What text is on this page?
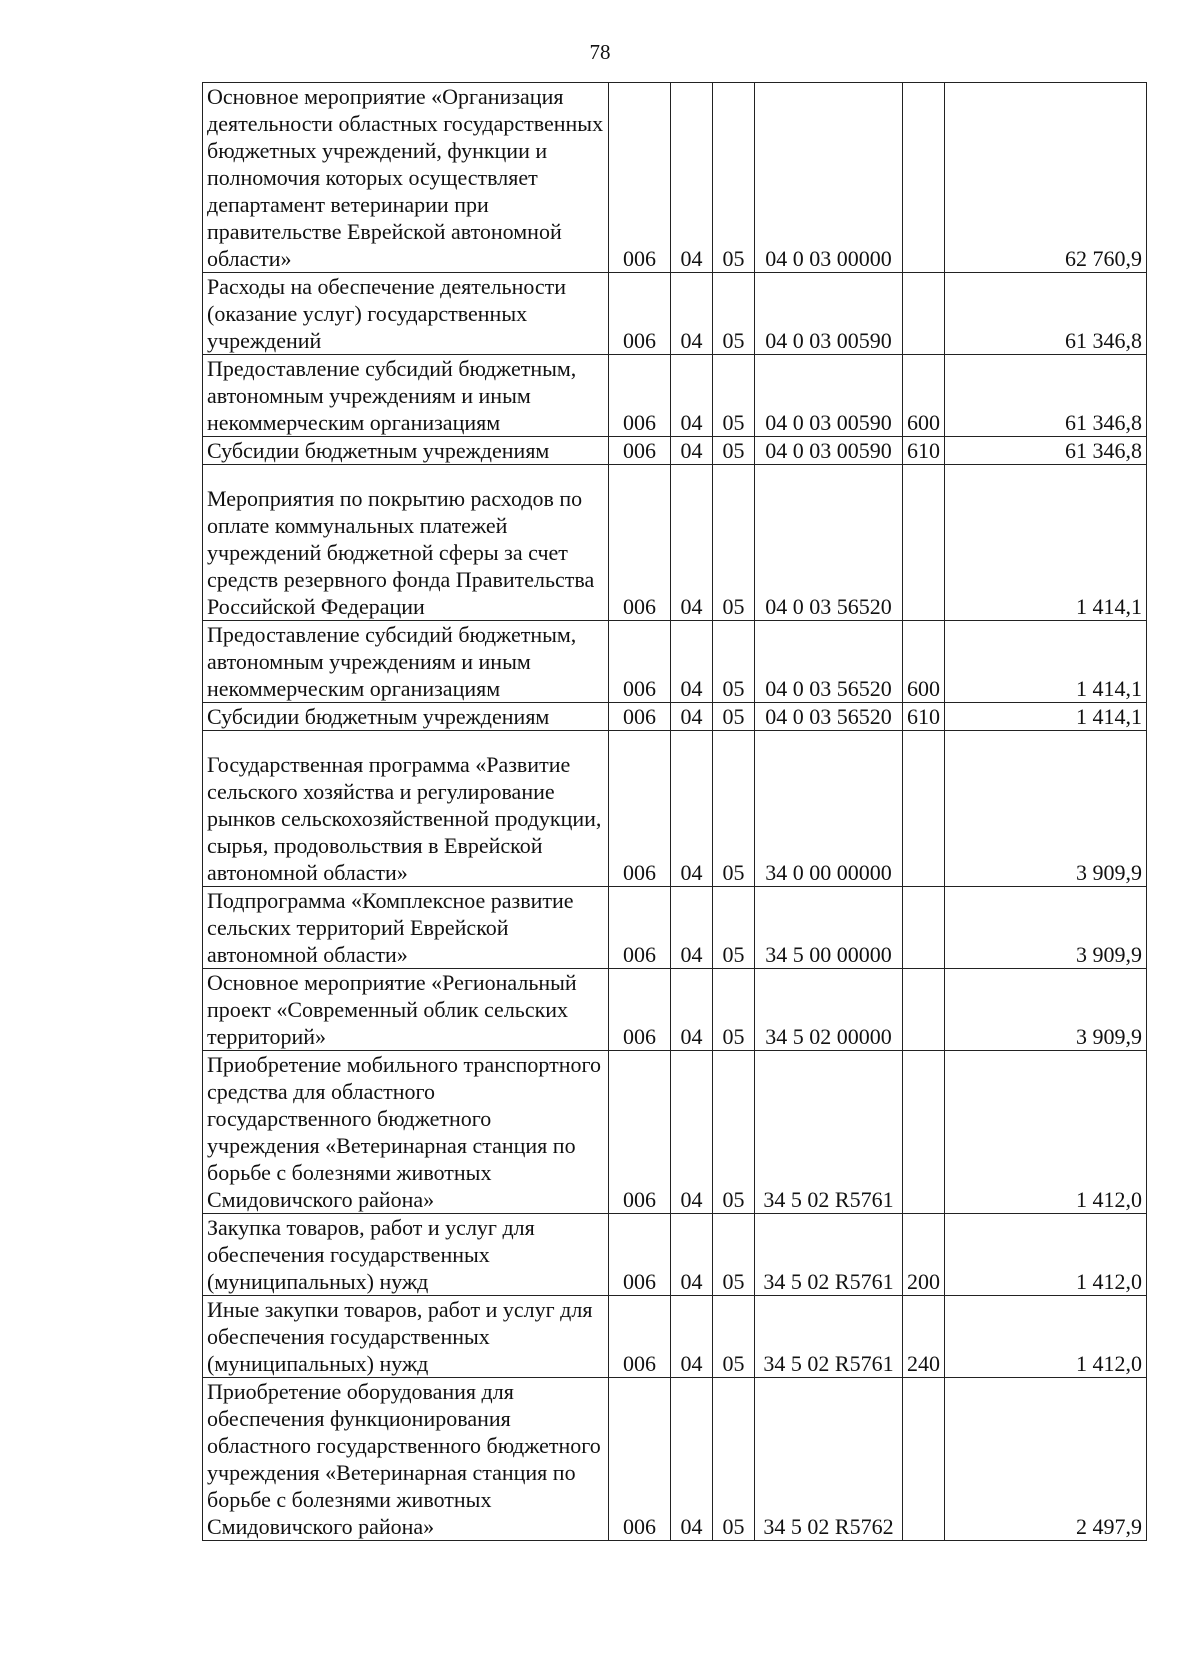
78
Основное мероприятие «Организация деятельности областных государственных бюджетных учреждений, функции и полномочия которых осуществляет департамент ветеринарии при правительстве Еврейской автономной области»	006	04	05	04 0 03 00000		62 760,9
Расходы на обеспечение деятельности (оказание услуг) государственных учреждений	006	04	05	04 0 03 00590		61 346,8
Предоставление субсидий бюджетным, автономным учреждениям и иным некоммерческим организациям	006	04	05	04 0 03 00590	600	61 346,8
Субсидии бюджетным учреждениям	006	04	05	04 0 03 00590	610	61 346,8
Мероприятия по покрытию расходов по оплате коммунальных платежей учреждений бюджетной сферы за счет средств резервного фонда Правительства Российской Федерации	006	04	05	04 0 03 56520		1 414,1
Предоставление субсидий бюджетным, автономным учреждениям и иным некоммерческим организациям	006	04	05	04 0 03 56520	600	1 414,1
Субсидии бюджетным учреждениям	006	04	05	04 0 03 56520	610	1 414,1
Государственная программа «Развитие сельского хозяйства и регулирование рынков сельскохозяйственной продукции, сырья, продовольствия в Еврейской автономной области»	006	04	05	34 0 00 00000		3 909,9
Подпрограмма «Комплексное развитие сельских территорий Еврейской автономной области»	006	04	05	34 5 00 00000		3 909,9
Основное мероприятие «Региональный проект «Современный облик сельских территорий»	006	04	05	34 5 02 00000		3 909,9
Приобретение мобильного транспортного средства для областного государственного бюджетного учреждения «Ветеринарная станция по борьбе с болезнями животных Смидовичского района»	006	04	05	34 5 02 R5761		1 412,0
Закупка товаров, работ и услуг для обеспечения государственных (муниципальных) нужд	006	04	05	34 5 02 R5761	200	1 412,0
Иные закупки товаров, работ и услуг для обеспечения государственных (муниципальных) нужд	006	04	05	34 5 02 R5761	240	1 412,0
Приобретение оборудования для обеспечения функционирования областного государственного бюджетного учреждения «Ветеринарная станция по борьбе с болезнями животных Смидовичского района»	006	04	05	34 5 02 R5762		2 497,9
